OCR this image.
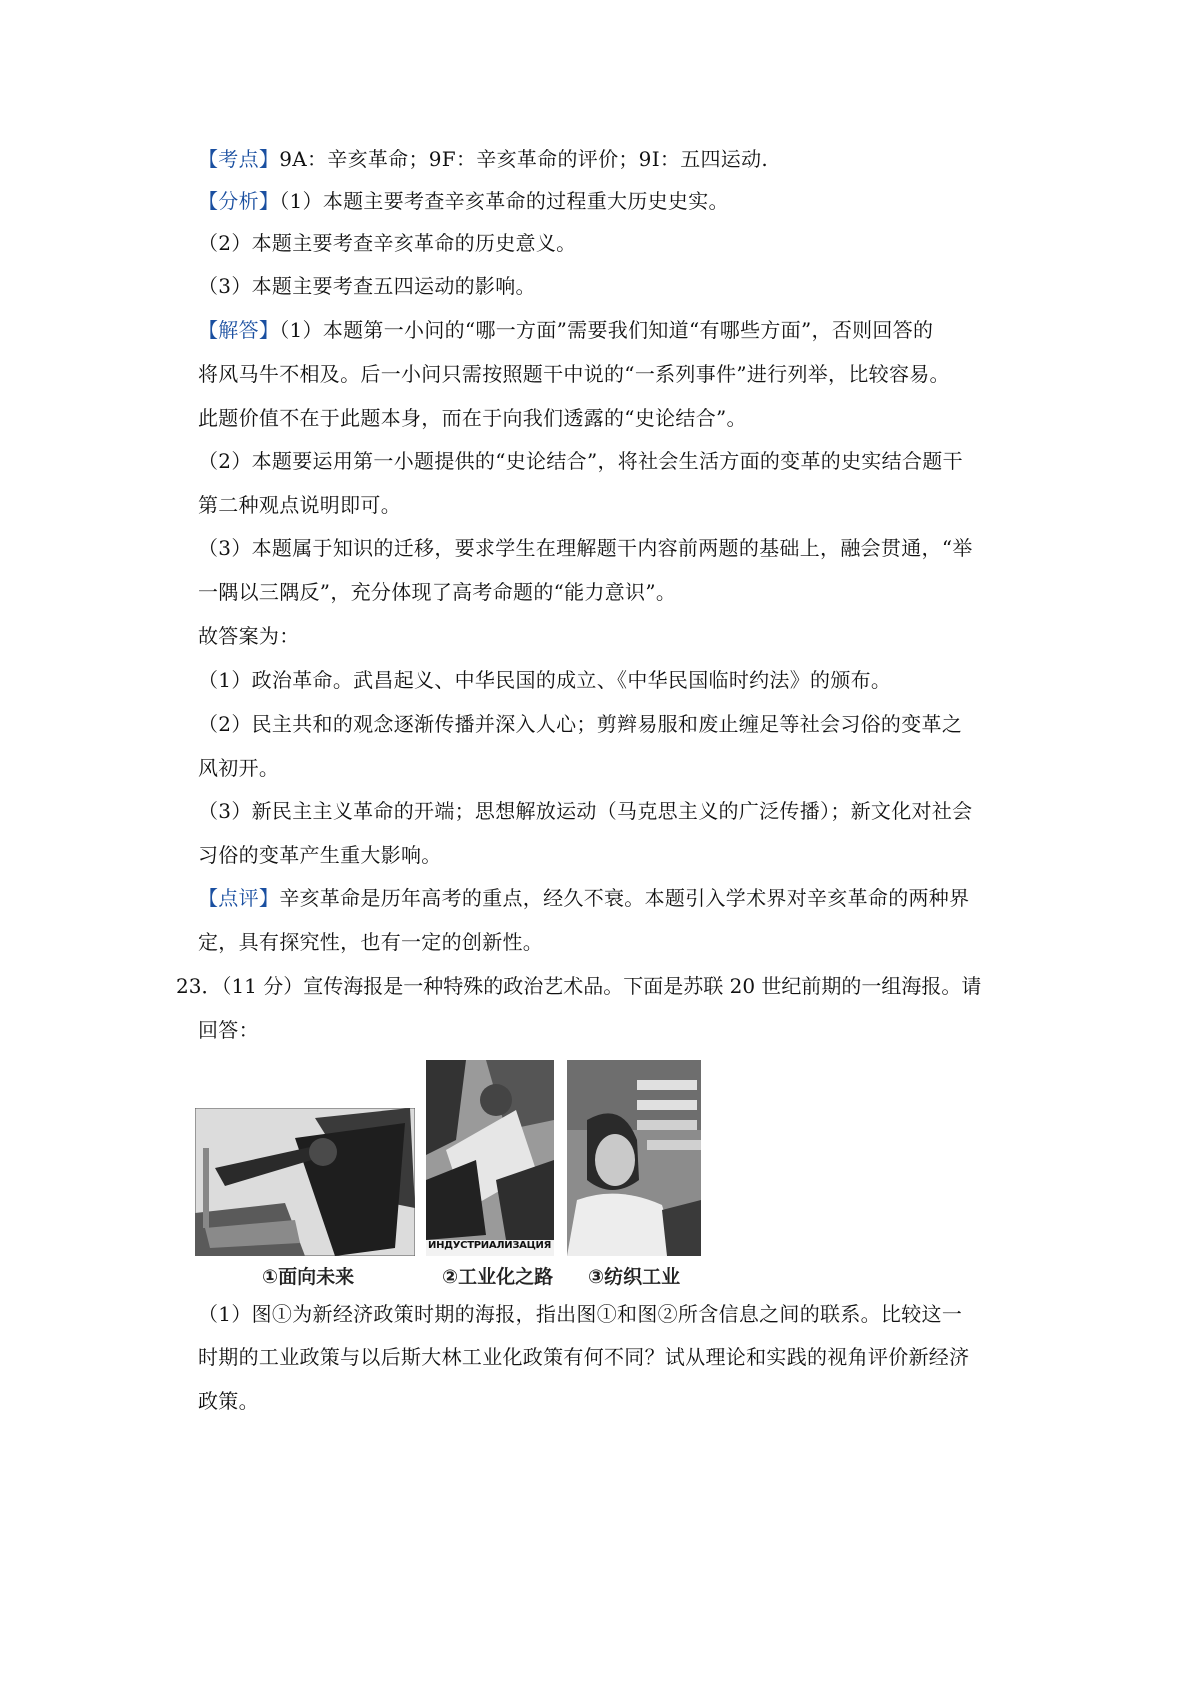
【考点】9A：辛亥革命；9F：辛亥革命的评价；9I：五四运动.
【分析】（1）本题主要考查辛亥革命的过程重大历史史实。
（2）本题主要考查辛亥革命的历史意义。
（3）本题主要考查五四运动的影响。
【解答】（1）本题第一小问的“哪一方面”需要我们知道“有哪些方面”，否则回答的
将风马牛不相及。后一小问只需按照题干中说的“一系列事件”进行列举，比较容易。
此题价值不在于此题本身，而在于向我们透露的“史论结合”。
（2）本题要运用第一小题提供的“史论结合”，将社会生活方面的变革的史实结合题干
第二种观点说明即可。
（3）本题属于知识的迁移，要求学生在理解题干内容前两题的基础上，融会贯通，“举
一隅以三隅反”，充分体现了高考命题的“能力意识”。
故答案为：
（1）政治革命。武昌起义、中华民国的成立、《中华民国临时约法》的颁布。
（2）民主共和的观念逐渐传播并深入人心；剪辫易服和废止缠足等社会习俗的变革之
风初开。
（3）新民主主义革命的开端；思想解放运动（马克思主义的广泛传播）；新文化对社会
习俗的变革产生重大影响。
【点评】辛亥革命是历年高考的重点，经久不衰。本题引入学术界对辛亥革命的两种界
定，具有探究性，也有一定的创新性。
23．（11 分）宣传海报是一种特殊的政治艺术品。下面是苏联 20 世纪前期的一组海报。请
回答：
ИНДУСТРИАЛИЗАЦИЯ
①面向未来	②工业化之路 ③纺织工业
（1）图①为新经济政策时期的海报，指出图①和图②所含信息之间的联系。比较这一
时期的工业政策与以后斯大林工业化政策有何不同？试从理论和实践的视角评价新经济
政策。
